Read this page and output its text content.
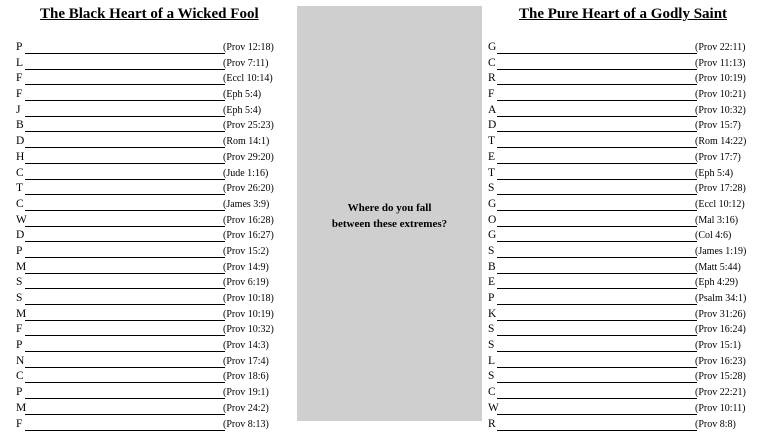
The Black Heart of a Wicked Fool	The Pure Heart of a Godly Saint
P	(Prov 12:18)
L	(Prov 7:11)
F	(Eccl 10:14)
F	(Eph 5:4)
J	(Eph 5:4)
B	(Prov 25:23)
D	(Rom 14:1)
H	(Prov 29:20)
C	(Jude 1:16)
T	(Prov 26:20)
C	(James 3:9)
W	(Prov 16:28)
D	(Prov 16:27)
P	(Prov 15:2)
M	(Prov 14:9)
S	(Prov 6:19)
S	(Prov 10:18)
M	(Prov 10:19)
F	(Prov 10:32)
P	(Prov 14:3)
N	(Prov 17:4)
C	(Prov 18:6)
P	(Prov 19:1)
M	(Prov 24:2)
F	(Prov 8:13)
Where do you fall
between these extremes?
G	(Prov 22:11)
C	(Prov 11:13)
R	(Prov 10:19)
F	(Prov 10:21)
A	(Prov 10:32)
D	(Prov 15:7)
T	(Rom 14:22)
E	(Prov 17:7)
T	(Eph 5:4)
S	(Prov 17:28)
G	(Eccl 10:12)
O	(Mal 3:16)
G	(Col 4:6)
S	(James 1:19)
B	(Matt 5:44)
E	(Eph 4:29)
P	(Psalm 34:1)
K	(Prov 31:26)
S	(Prov 16:24)
S	(Prov 15:1)
L	(Prov 16:23)
S	(Prov 15:28)
C	(Prov 22:21)
W	(Prov 10:11)
R	(Prov 8:8)
